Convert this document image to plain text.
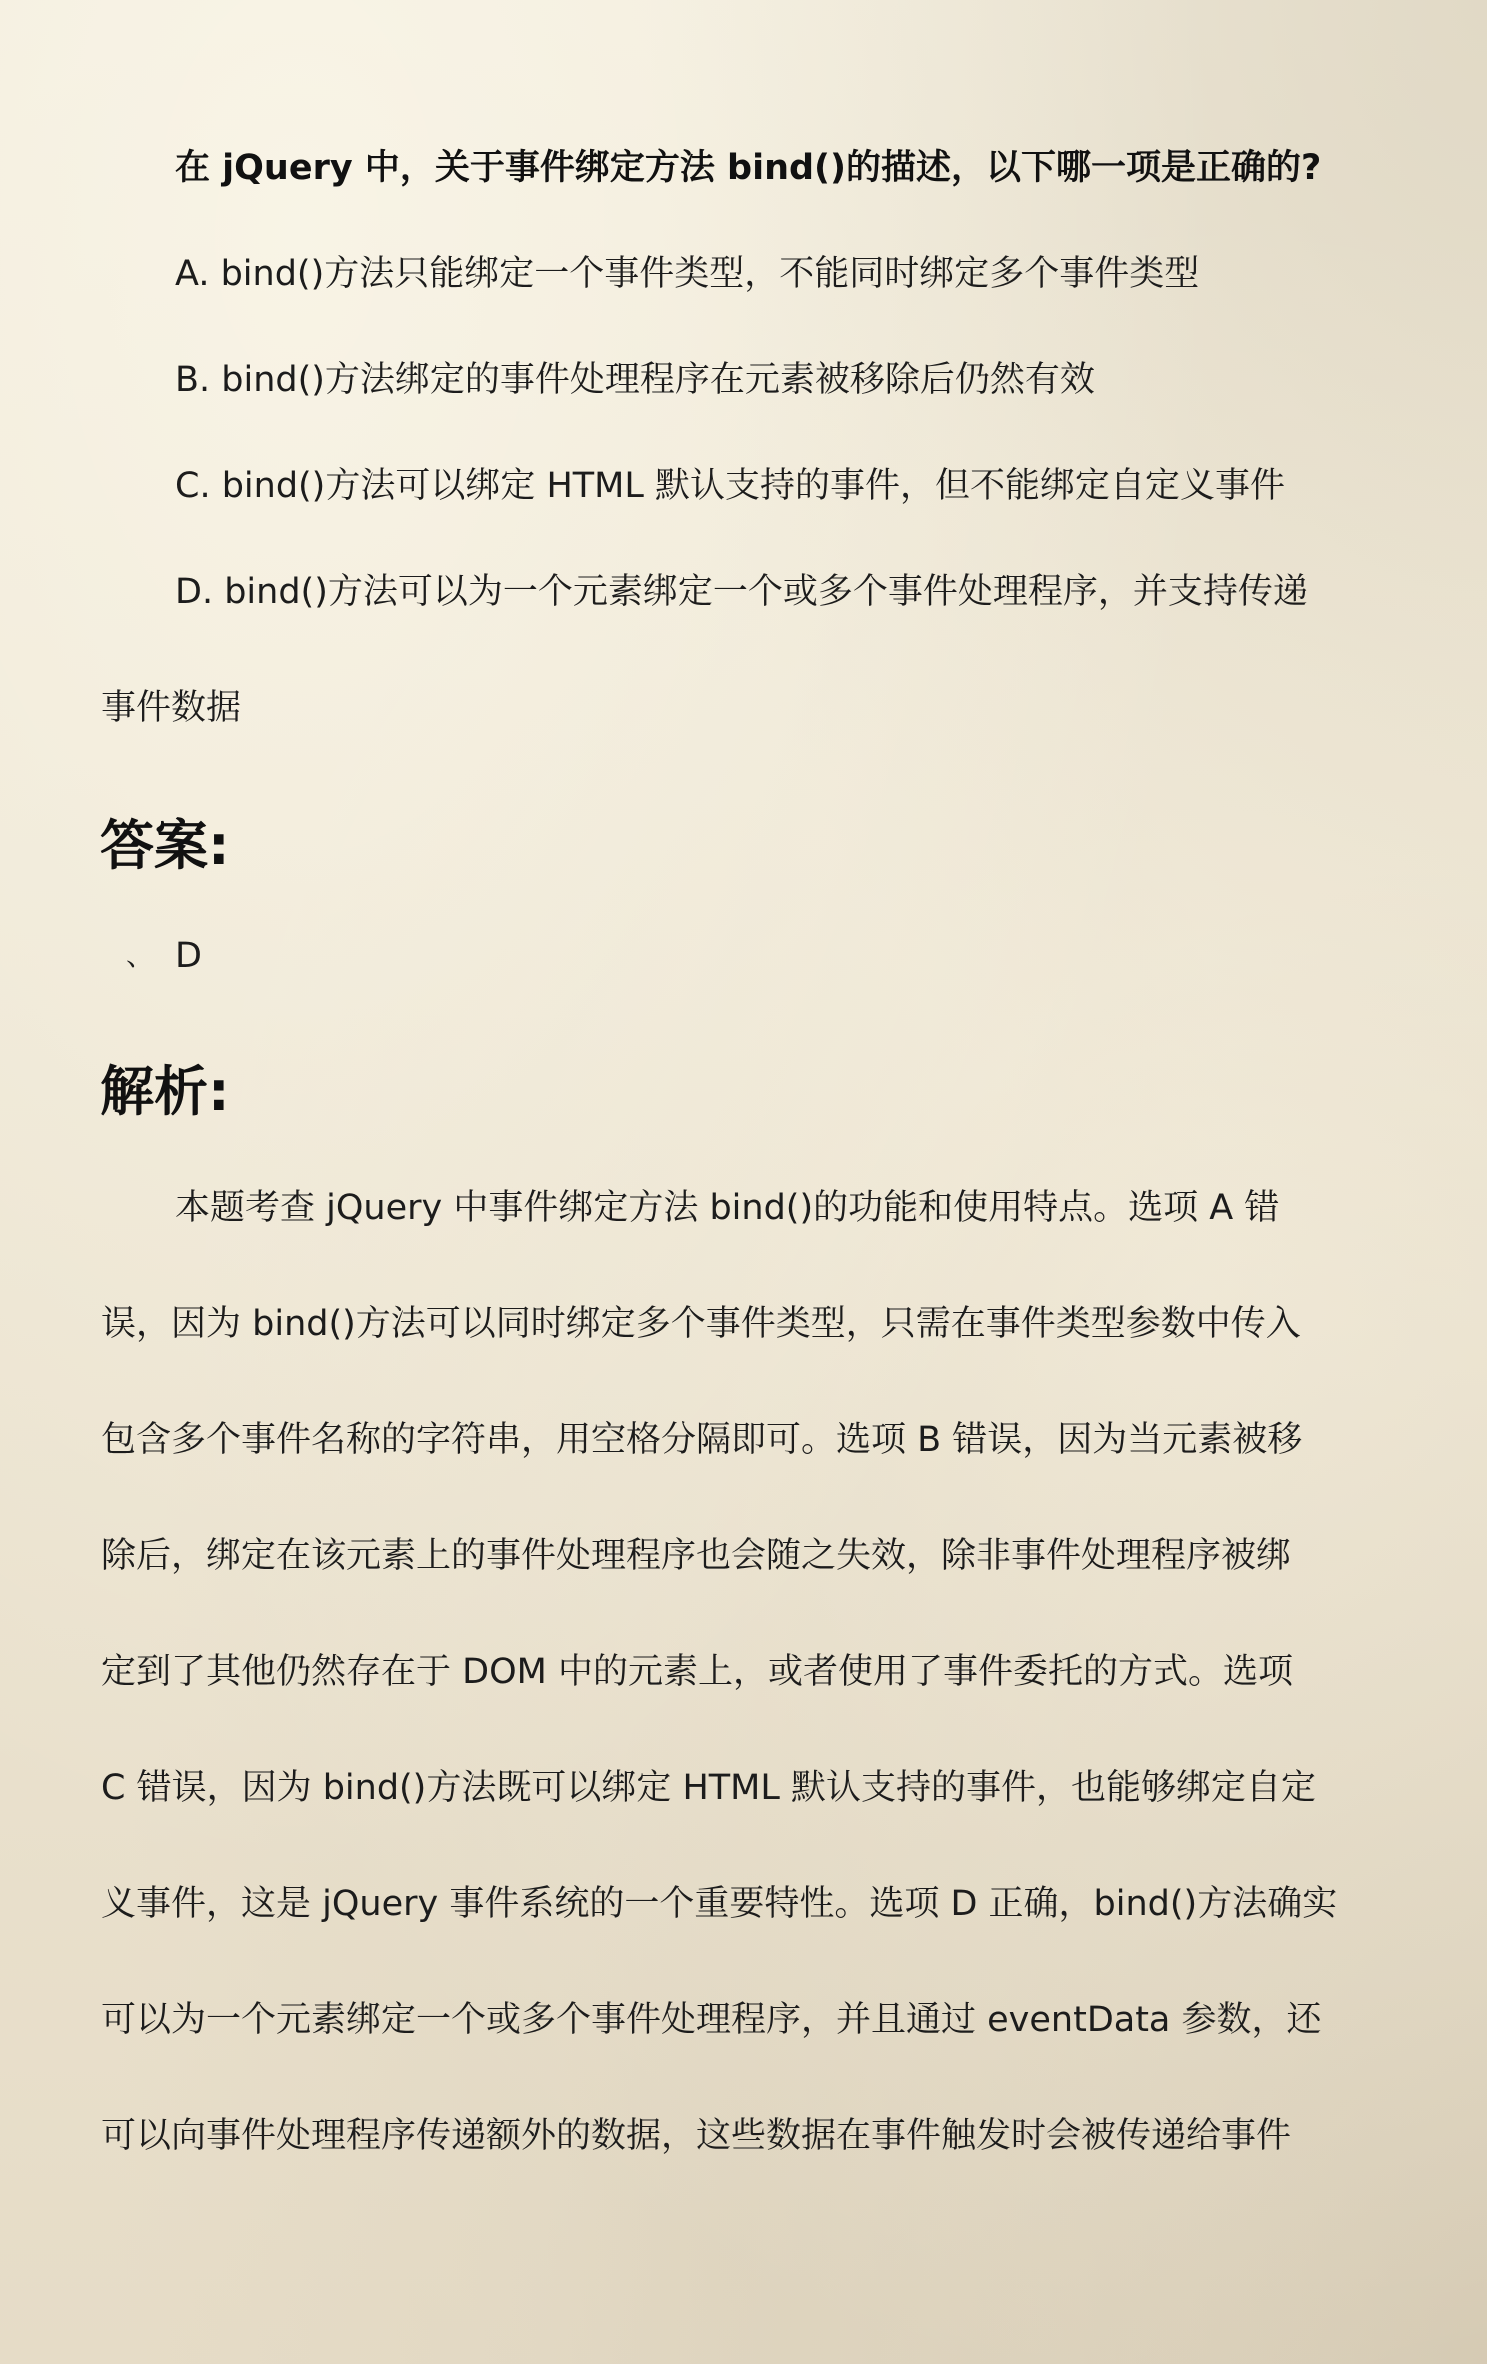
在 jQuery 中，关于事件绑定方法 bind()的描述，以下哪一项是正确的?
A. bind()方法只能绑定一个事件类型，不能同时绑定多个事件类型
B. bind()方法绑定的事件处理程序在元素被移除后仍然有效
C. bind()方法可以绑定 HTML 默认支持的事件，但不能绑定自定义事件
D. bind()方法可以为一个元素绑定一个或多个事件处理程序，并支持传递
事件数据
答案:
、 D
解析:
本题考查 jQuery 中事件绑定方法 bind()的功能和使用特点。选项 A 错
误，因为 bind()方法可以同时绑定多个事件类型，只需在事件类型参数中传入
包含多个事件名称的字符串，用空格分隔即可。选项 B 错误，因为当元素被移
除后，绑定在该元素上的事件处理程序也会随之失效，除非事件处理程序被绑
定到了其他仍然存在于 DOM 中的元素上，或者使用了事件委托的方式。选项
C 错误，因为 bind()方法既可以绑定 HTML 默认支持的事件，也能够绑定自定
义事件，这是 jQuery 事件系统的一个重要特性。选项 D 正确，bind()方法确实
可以为一个元素绑定一个或多个事件处理程序，并且通过 eventData 参数，还
可以向事件处理程序传递额外的数据，这些数据在事件触发时会被传递给事件
